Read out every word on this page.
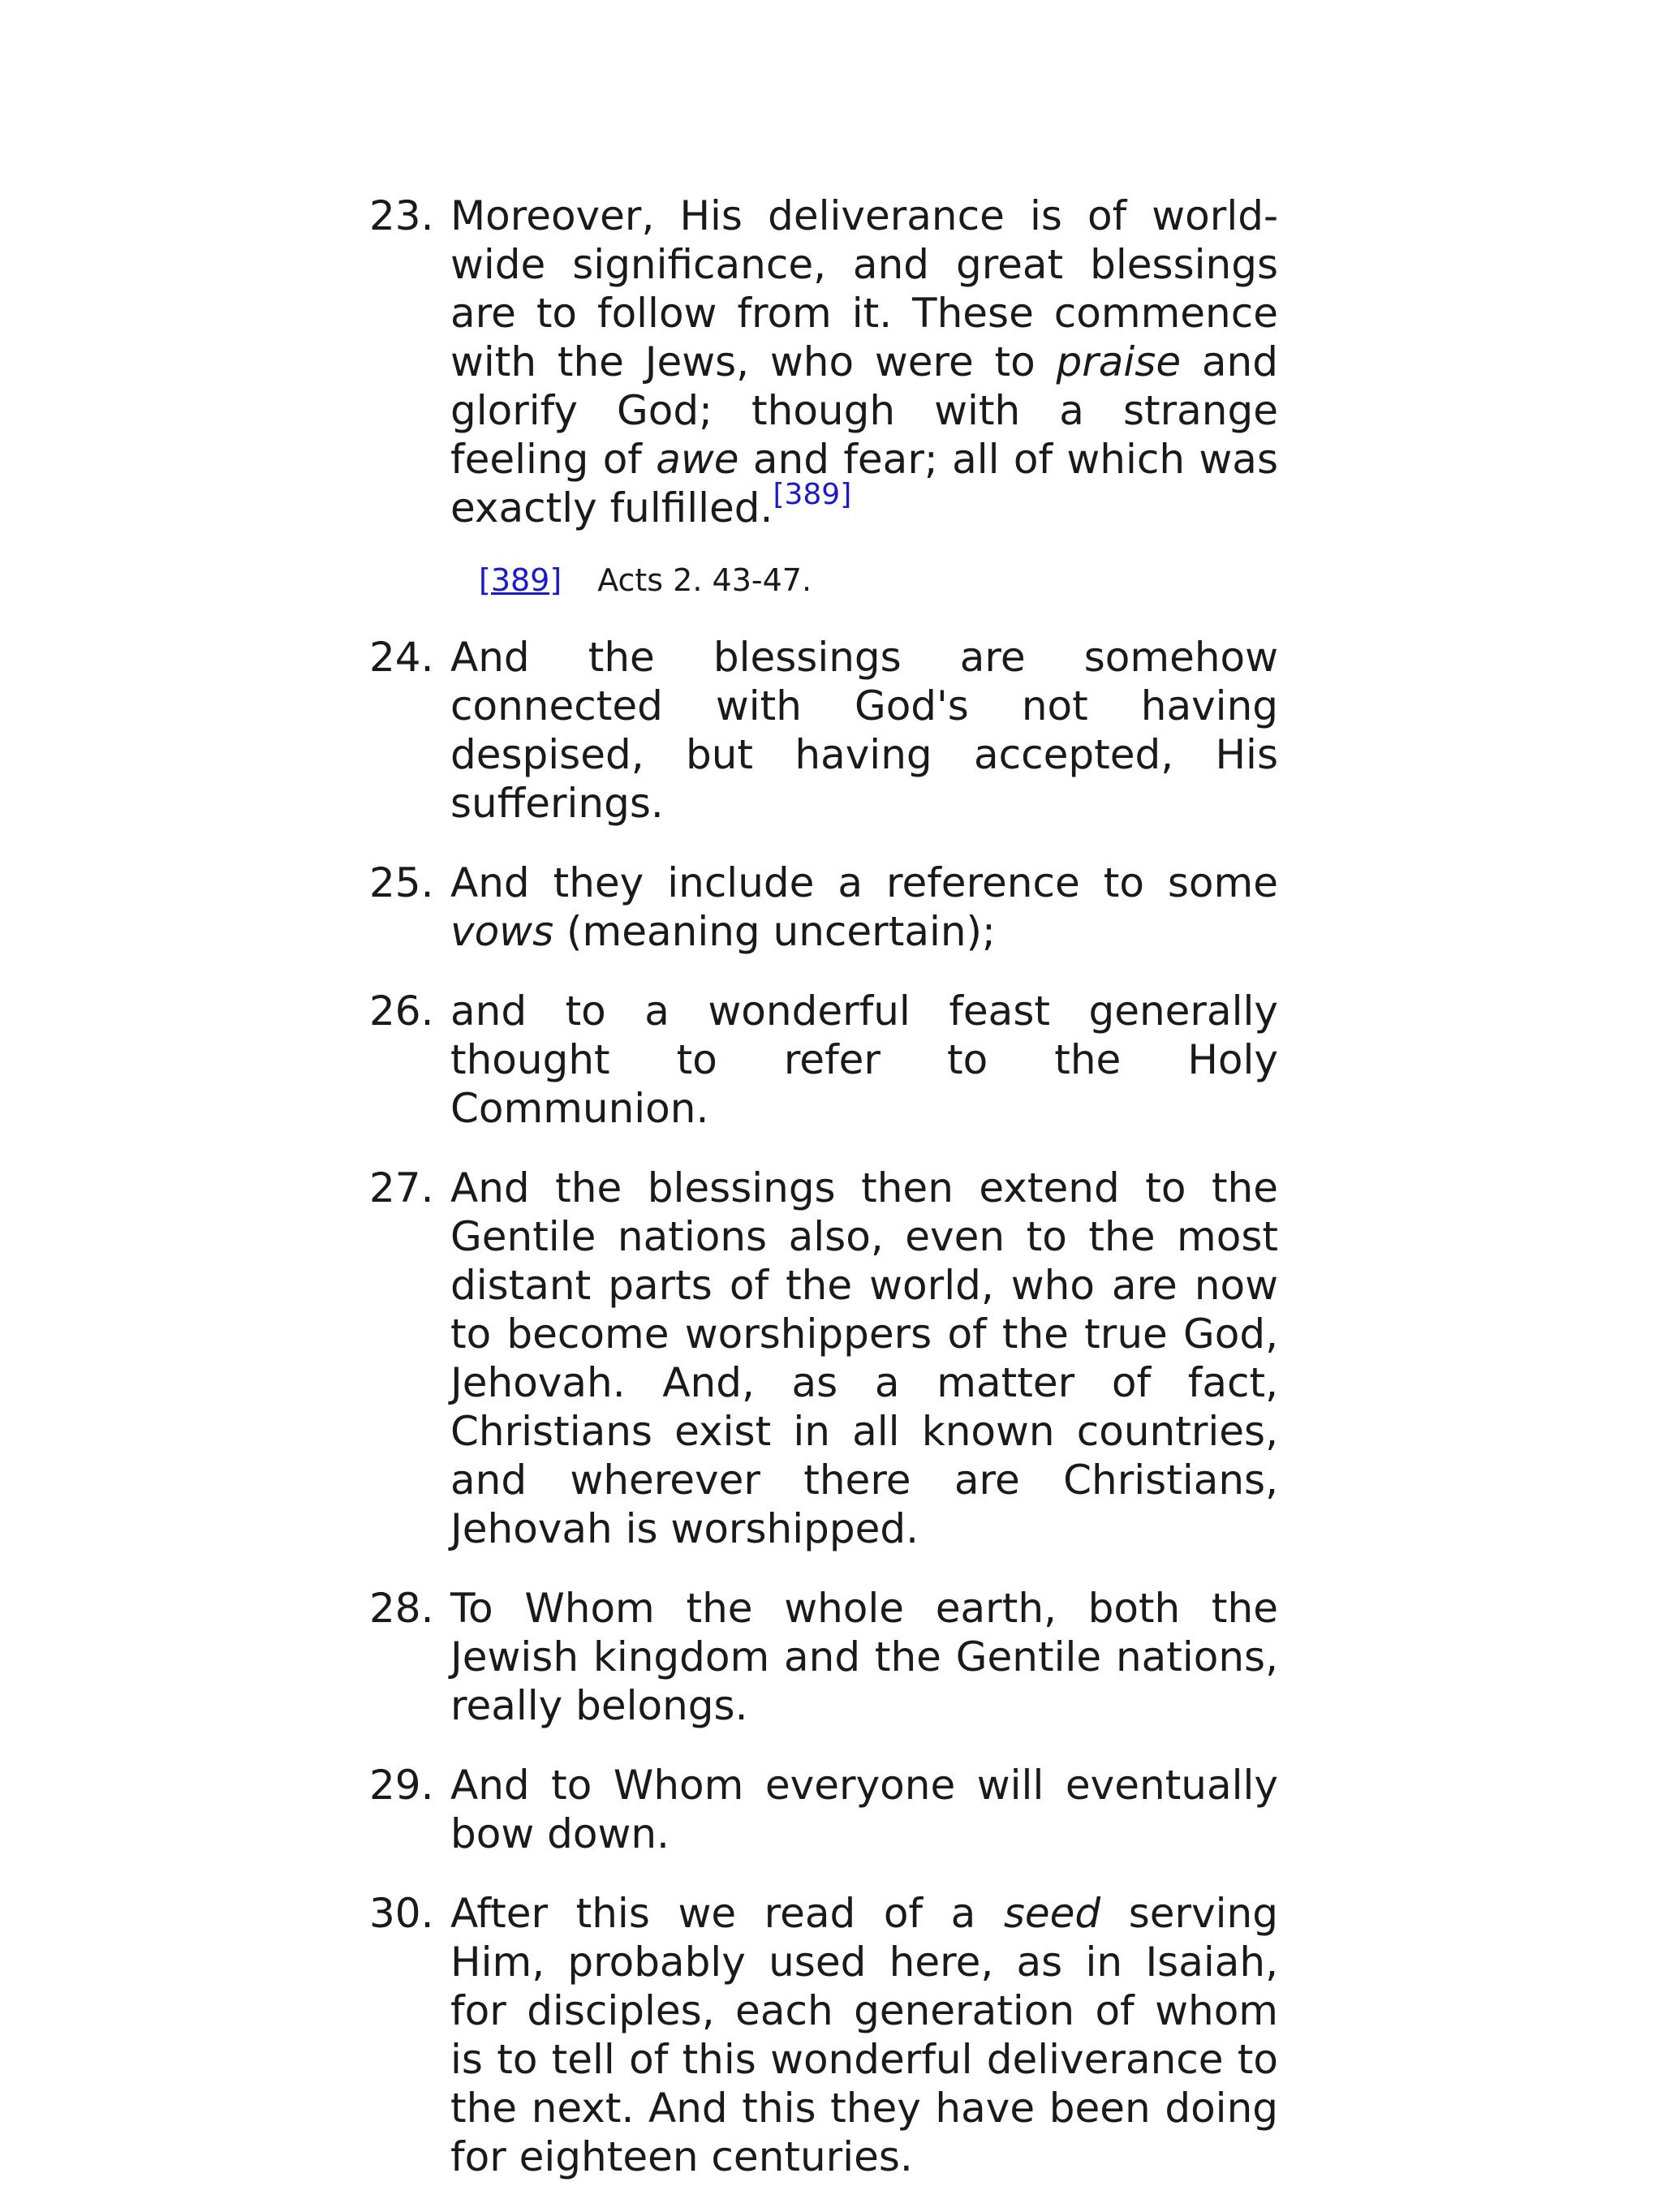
23. Moreover, His deliverance is of world-wide significance, and great blessings are to follow from it. These commence with the Jews, who were to praise and glorify God; though with a strange feeling of awe and fear; all of which was exactly fulfilled.[389]
[389] Acts 2. 43-47.
24. And the blessings are somehow connected with God's not having despised, but having accepted, His sufferings.
25. And they include a reference to some vows (meaning uncertain);
26. and to a wonderful feast generally thought to refer to the Holy Communion.
27. And the blessings then extend to the Gentile nations also, even to the most distant parts of the world, who are now to become worshippers of the true God, Jehovah. And, as a matter of fact, Christians exist in all known countries, and wherever there are Christians, Jehovah is worshipped.
28. To Whom the whole earth, both the Jewish kingdom and the Gentile nations, really belongs.
29. And to Whom everyone will eventually bow down.
30. After this we read of a seed serving Him, probably used here, as in Isaiah, for disciples, each generation of whom is to tell of this wonderful deliverance to the next. And this they have been doing for eighteen centuries.
